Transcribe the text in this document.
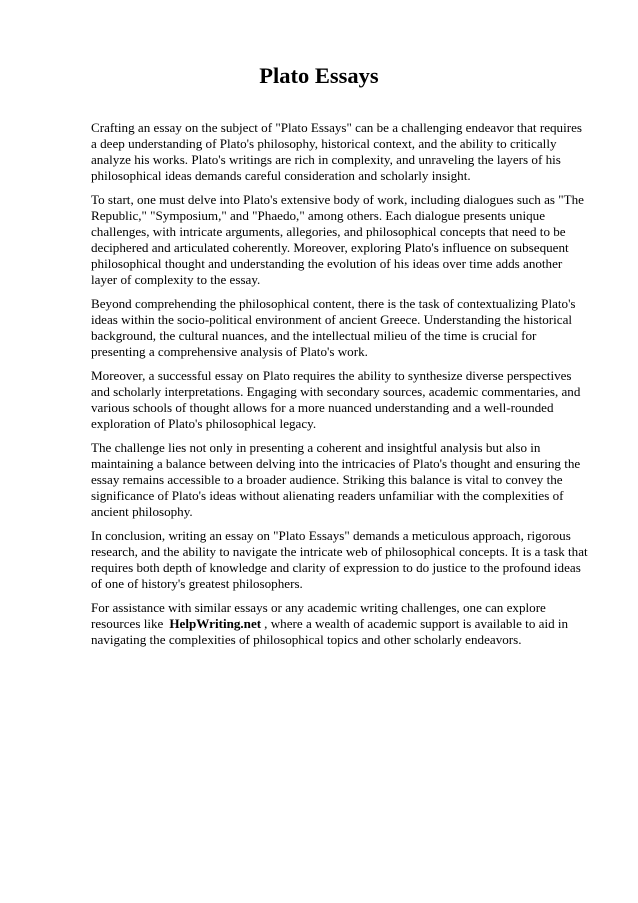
Plato Essays

Crafting an essay on the subject of "Plato Essays" can be a challenging endeavor that requires a deep understanding of Plato's philosophy, historical context, and the ability to critically analyze his works. Plato's writings are rich in complexity, and unraveling the layers of his philosophical ideas demands careful consideration and scholarly insight.

To start, one must delve into Plato's extensive body of work, including dialogues such as "The Republic," "Symposium," and "Phaedo," among others. Each dialogue presents unique challenges, with intricate arguments, allegories, and philosophical concepts that need to be deciphered and articulated coherently. Moreover, exploring Plato's influence on subsequent philosophical thought and understanding the evolution of his ideas over time adds another layer of complexity to the essay.

Beyond comprehending the philosophical content, there is the task of contextualizing Plato's ideas within the socio-political environment of ancient Greece. Understanding the historical background, the cultural nuances, and the intellectual milieu of the time is crucial for presenting a comprehensive analysis of Plato's work.

Moreover, a successful essay on Plato requires the ability to synthesize diverse perspectives and scholarly interpretations. Engaging with secondary sources, academic commentaries, and various schools of thought allows for a more nuanced understanding and a well-rounded exploration of Plato's philosophical legacy.

The challenge lies not only in presenting a coherent and insightful analysis but also in maintaining a balance between delving into the intricacies of Plato's thought and ensuring the essay remains accessible to a broader audience. Striking this balance is vital to convey the significance of Plato's ideas without alienating readers unfamiliar with the complexities of ancient philosophy.

In conclusion, writing an essay on "Plato Essays" demands a meticulous approach, rigorous research, and the ability to navigate the intricate web of philosophical concepts. It is a task that requires both depth of knowledge and clarity of expression to do justice to the profound ideas of one of history's greatest philosophers.

For assistance with similar essays or any academic writing challenges, one can explore resources like HelpWriting.net , where a wealth of academic support is available to aid in navigating the complexities of philosophical topics and other scholarly endeavors.
